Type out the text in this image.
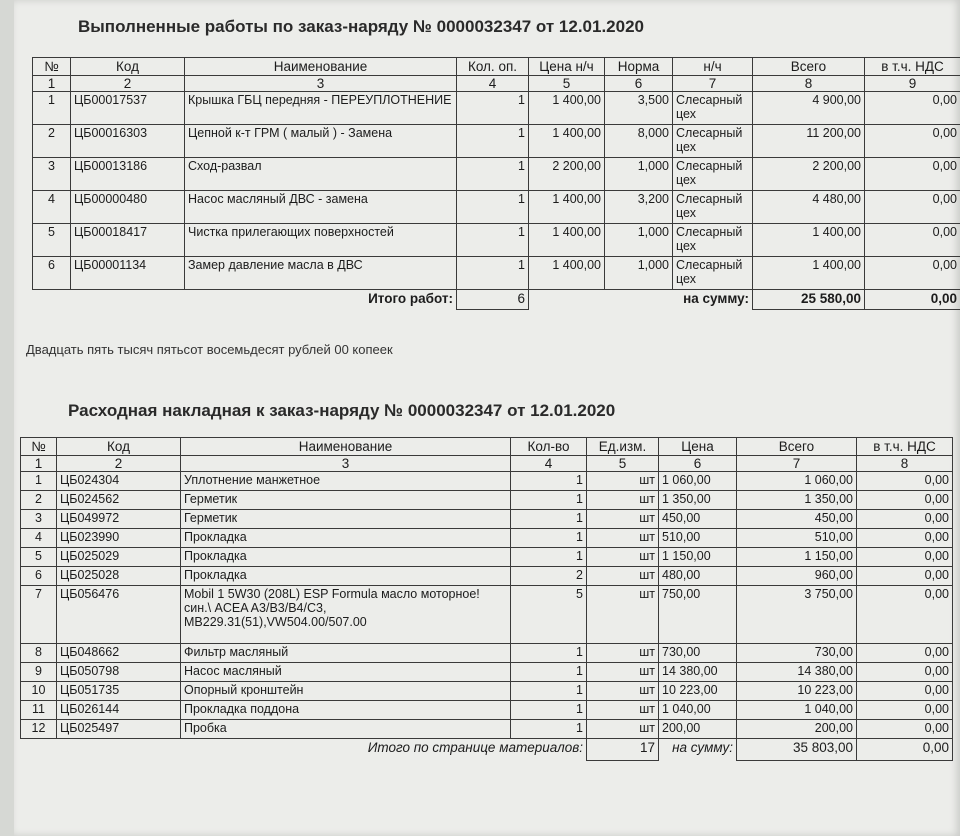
Выполненные работы по заказ-наряду № 0000032347 от 12.01.2020
№	Код	Наименование	Кол. оп.	Цена н/ч	Норма	н/ч	Всего	в т.ч. НДС
1	2	3	4	5	6	7	8	9
1	ЦБ00017537	Крышка ГБЦ передняя - ПЕРЕУПЛОТНЕНИЕ	1	1 400,00	3,500	Слесарный цех	4 900,00	0,00
2	ЦБ00016303	Цепной к-т ГРМ ( малый ) - Замена	1	1 400,00	8,000	Слесарный цех	11 200,00	0,00
3	ЦБ00013186	Сход-развал	1	2 200,00	1,000	Слесарный цех	2 200,00	0,00
4	ЦБ00000480	Насос масляный ДВС - замена	1	1 400,00	3,200	Слесарный цех	4 480,00	0,00
5	ЦБ00018417	Чистка прилегающих поверхностей	1	1 400,00	1,000	Слесарный цех	1 400,00	0,00
6	ЦБ00001134	Замер давление масла в ДВС	1	1 400,00	1,000	Слесарный цех	1 400,00	0,00
		Итого работ:	6		на сумму:		25 580,00	0,00
Двадцать пять тысяч пятьсот восемьдесят рублей 00 копеек
Расходная накладная к заказ-наряду № 0000032347 от 12.01.2020
№	Код	Наименование	Кол-во	Ед.изм.	Цена	Всего	в т.ч. НДС
1	2	3	4	5	6	7	8
1	ЦБ024304	Уплотнение манжетное	1	шт	1 060,00	1 060,00	0,00
2	ЦБ024562	Герметик	1	шт	1 350,00	1 350,00	0,00
3	ЦБ049972	Герметик	1	шт	450,00	450,00	0,00
4	ЦБ023990	Прокладка	1	шт	510,00	510,00	0,00
5	ЦБ025029	Прокладка	1	шт	1 150,00	1 150,00	0,00
6	ЦБ025028	Прокладка	2	шт	480,00	960,00	0,00
7	ЦБ056476	Mobil 1 5W30 (208L) ESP Formula масло моторное! син.\ ACEA A3/B3/B4/C3, MB229.31(51),VW504.00/507.00	5	шт	750,00	3 750,00	0,00
8	ЦБ048662	Фильтр масляный	1	шт	730,00	730,00	0,00
9	ЦБ050798	Насос масляный	1	шт	14 380,00	14 380,00	0,00
10	ЦБ051735	Опорный кронштейн	1	шт	10 223,00	10 223,00	0,00
11	ЦБ026144	Прокладка поддона	1	шт	1 040,00	1 040,00	0,00
12	ЦБ025497	Пробка	1	шт	200,00	200,00	0,00
	Итого по странице материалов:			17	на сумму:	35 803,00	0,00
